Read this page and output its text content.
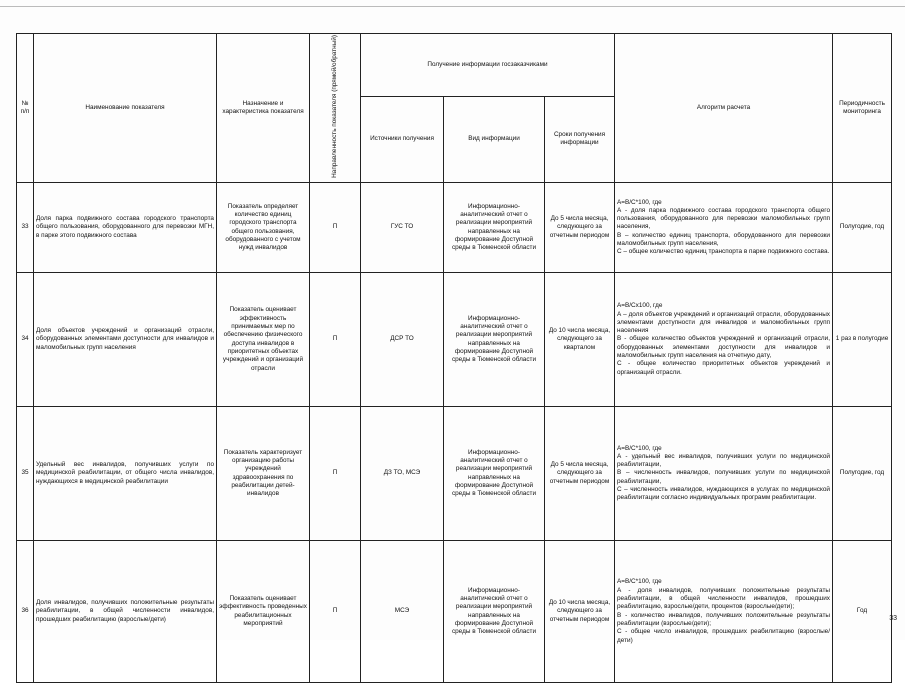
№
п/п	Наименование показателя	Назначение и характеристика показателя	Направленность показателя (прямой/обратный)	Получение информации госзаказчиками			Алгоритм расчета	Периодичность мониторинга
				Источники получения	Вид информации	Сроки получения информации		
33	Доля парка подвижного состава городского транспорта общего пользования, оборудованного для перевозки МГН, в парке этого подвижного состава	Показатель определяет количество единиц городского транспорта общего пользования, оборудованного с учетом нужд инвалидов	П	ГУС ТО	Информационно-аналитический отчет о реализации мероприятий направленных на формирование Доступной среды в Тюменской области	До 5 числа месяца, следующего за отчетным периодом	A=B/C*100, где
А - доля парка подвижного состава городского транспорта общего пользования, оборудованного для перевозки маломобильных групп населения,
В – количество единиц транспорта, оборудованного для перевозки маломобильных групп населения,
С – общее количество единиц транспорта в парке подвижного состава.	Полугодие, год
34	Доля объектов учреждений и организаций отрасли, оборудованных элементами доступности для инвалидов и маломобильных групп населения	Показатель оценивает эффективность принимаемых мер по обеспечению физического доступа инвалидов в приоритетных объектах учреждений и организаций отрасли	П	ДСР ТО	Информационно-аналитический отчет о реализации мероприятий направленных на формирование Доступной среды в Тюменской области	До 10 числа месяца, следующего за кварталом	A=B/Cх100, где
А – доля объектов учреждений и организаций отрасли, оборудованных элементами доступности для инвалидов и маломобильных групп населения
В - общее количество объектов учреждений и организаций отрасли, оборудованных элементами доступности для инвалидов и маломобильных групп населения на отчетную дату,
С - общее количество приоритетных объектов учреждений и организаций отрасли.	1 раз в полугодие
35	Удельный вес инвалидов, получивших услуги по медицинской реабилитации, от общего числа инвалидов, нуждающихся в медицинской реабилитации	Показатель характеризует организацию работы учреждений здравоохранения по реабилитации детей-инвалидов	П	ДЗ ТО, МСЭ	Информационно-аналитический отчет о реализации мероприятий направленных на формирование Доступной среды в Тюменской области	До 5 числа месяца, следующего за отчетным периодом	A=B/C*100, где
А - удельный вес инвалидов, получивших услуги по медицинской реабилитации,
В – численность инвалидов, получивших услуги по медицинской реабилитации,
С – численность инвалидов, нуждающихся в услугах по медицинской реабилитации согласно индивидуальных программ реабилитации.	Полугодие, год
36	Доля инвалидов, получивших положительные результаты реабилитации, в общей численности инвалидов, прошедших реабилитацию (взрослые/дети)	Показатель оценивает эффективность проведенных реабилитационных мероприятий	П	МСЭ	Информационно-аналитический отчет о реализации мероприятий направленных на формирование Доступной среды в Тюменской области	До 10 числа месяца, следующего за отчетным периодом	A=B/C*100, где
А - доля инвалидов, получивших положительные результаты реабилитации, в общей численности инвалидов, прошедших реабилитацию, взрослые/дети, процентов (взрослые/дети);
В - количество инвалидов, получивших положительные результаты реабилитации (взрослые/дети);
С - общее число инвалидов, прошедших реабилитацию (взрослые/дети)	Год
33
